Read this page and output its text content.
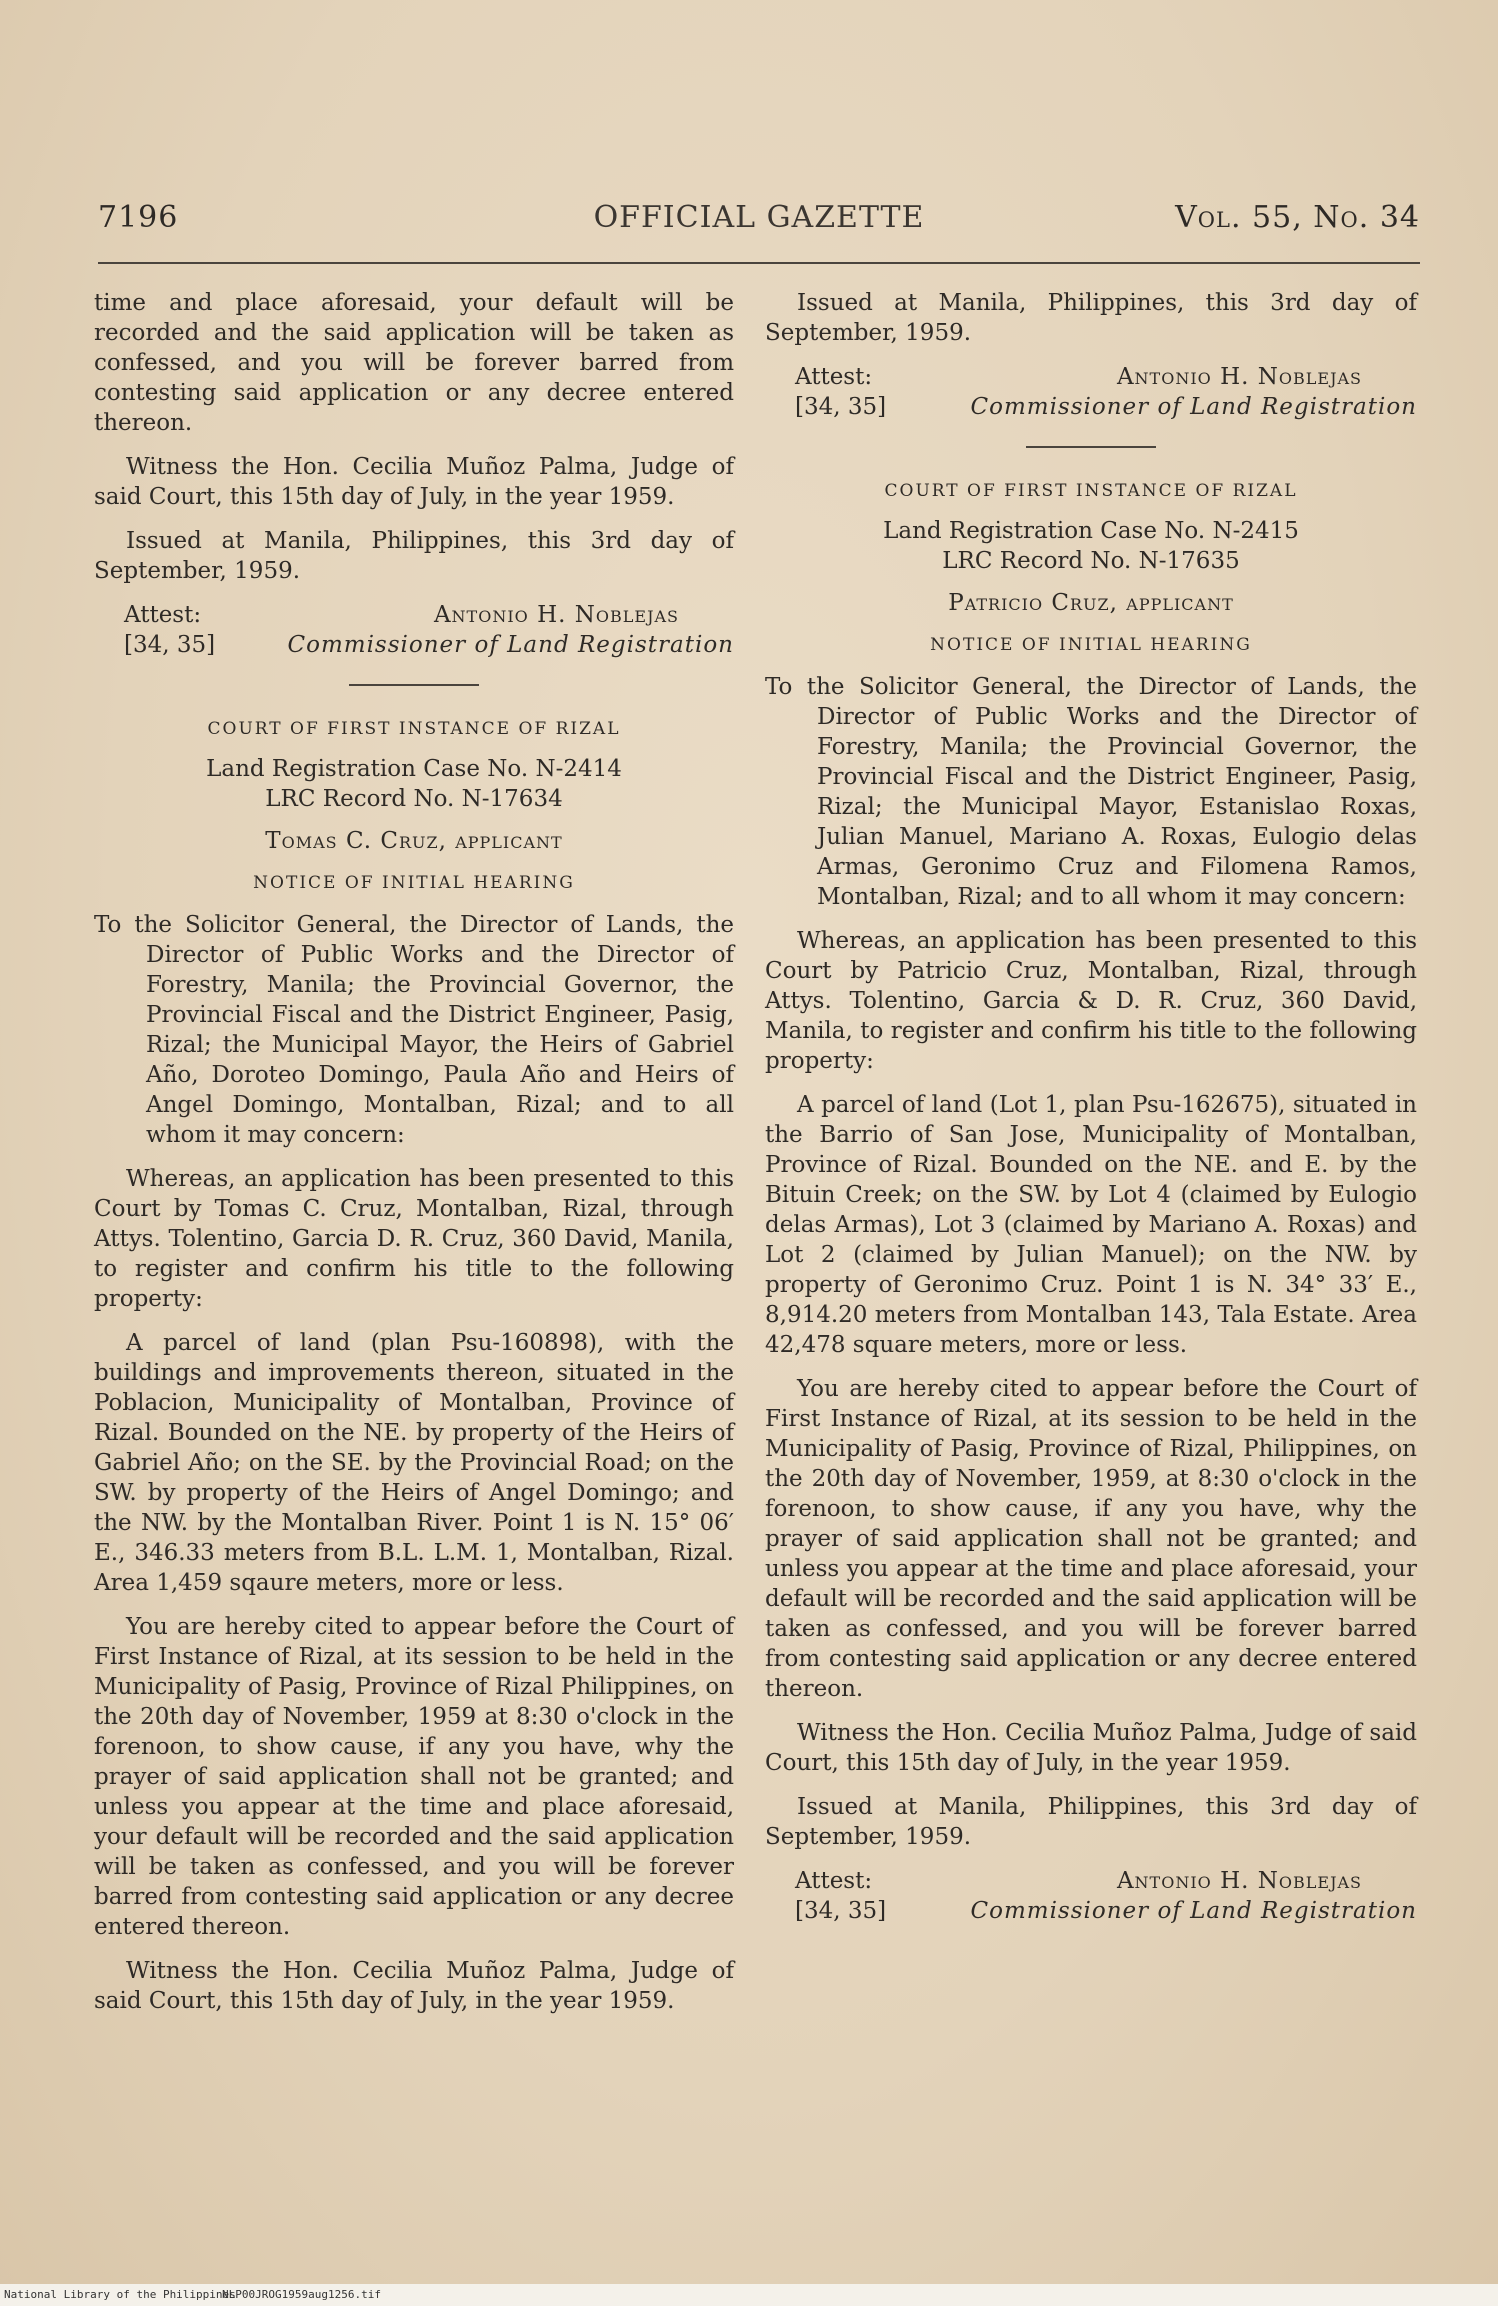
7196	OFFICIAL GAZETTE	Vol. 55, No. 34

time and place aforesaid, your default will be recorded and the said application will be taken as confessed, and you will be forever barred from contesting said application or any decree entered thereon.

Witness the Hon. Cecilia Muñoz Palma, Judge of said Court, this 15th day of July, in the year 1959.

Issued at Manila, Philippines, this 3rd day of September, 1959.

Attest:
[34, 35]
Antonio H. Noblejas
Commissioner of Land Registration
COURT OF FIRST INSTANCE OF RIZAL

Land Registration Case No. N-2414

LRC Record No. N-17634

Tomas C. Cruz, applicant

NOTICE OF INITIAL HEARING

To the Solicitor General, the Director of Lands, the Director of Public Works and the Director of Forestry, Manila; the Provincial Governor, the Provincial Fiscal and the District Engineer, Pasig, Rizal; the Municipal Mayor, the Heirs of Gabriel Año, Doroteo Domingo, Paula Año and Heirs of Angel Domingo, Montalban, Rizal; and to all whom it may concern:

Whereas, an application has been presented to this Court by Tomas C. Cruz, Montalban, Rizal, through Attys. Tolentino, Garcia D. R. Cruz, 360 David, Manila, to register and confirm his title to the following property:

A parcel of land (plan Psu-160898), with the buildings and improvements thereon, situated in the Poblacion, Municipality of Montalban, Province of Rizal. Bounded on the NE. by property of the Heirs of Gabriel Año; on the SE. by the Provincial Road; on the SW. by property of the Heirs of Angel Domingo; and the NW. by the Montalban River. Point 1 is N. 15° 06′ E., 346.33 meters from B.L. L.M. 1, Montalban, Rizal. Area 1,459 sqaure meters, more or less.

You are hereby cited to appear before the Court of First Instance of Rizal, at its session to be held in the Municipality of Pasig, Province of Rizal Philippines, on the 20th day of November, 1959 at 8:30 o'clock in the forenoon, to show cause, if any you have, why the prayer of said application shall not be granted; and unless you appear at the time and place aforesaid, your default will be recorded and the said application will be taken as confessed, and you will be forever barred from contesting said application or any decree entered thereon.

Witness the Hon. Cecilia Muñoz Palma, Judge of said Court, this 15th day of July, in the year 1959.

Issued at Manila, Philippines, this 3rd day of September, 1959.

Attest:
[34, 35]
Antonio H. Noblejas
Commissioner of Land Registration
COURT OF FIRST INSTANCE OF RIZAL

Land Registration Case No. N-2415

LRC Record No. N-17635

Patricio Cruz, applicant

NOTICE OF INITIAL HEARING

To the Solicitor General, the Director of Lands, the Director of Public Works and the Director of Forestry, Manila; the Provincial Governor, the Provincial Fiscal and the District Engineer, Pasig, Rizal; the Municipal Mayor, Estanislao Roxas, Julian Manuel, Mariano A. Roxas, Eulogio delas Armas, Geronimo Cruz and Filomena Ramos, Montalban, Rizal; and to all whom it may concern:

Whereas, an application has been presented to this Court by Patricio Cruz, Montalban, Rizal, through Attys. Tolentino, Garcia & D. R. Cruz, 360 David, Manila, to register and confirm his title to the following property:

A parcel of land (Lot 1, plan Psu-162675), situated in the Barrio of San Jose, Municipality of Montalban, Province of Rizal. Bounded on the NE. and E. by the Bituin Creek; on the SW. by Lot 4 (claimed by Eulogio delas Armas), Lot 3 (claimed by Mariano A. Roxas) and Lot 2 (claimed by Julian Manuel); on the NW. by property of Geronimo Cruz. Point 1 is N. 34° 33′ E., 8,914.20 meters from Montalban 143, Tala Estate. Area 42,478 square meters, more or less.

You are hereby cited to appear before the Court of First Instance of Rizal, at its session to be held in the Municipality of Pasig, Province of Rizal, Philippines, on the 20th day of November, 1959, at 8:30 o'clock in the forenoon, to show cause, if any you have, why the prayer of said application shall not be granted; and unless you appear at the time and place aforesaid, your default will be recorded and the said application will be taken as confessed, and you will be forever barred from contesting said application or any decree entered thereon.

Witness the Hon. Cecilia Muñoz Palma, Judge of said Court, this 15th day of July, in the year 1959.

Issued at Manila, Philippines, this 3rd day of September, 1959.

Attest:
[34, 35]
Antonio H. Noblejas
Commissioner of Land Registration
National Library of the Philippines
NLP00JROG1959aug1256.tif
